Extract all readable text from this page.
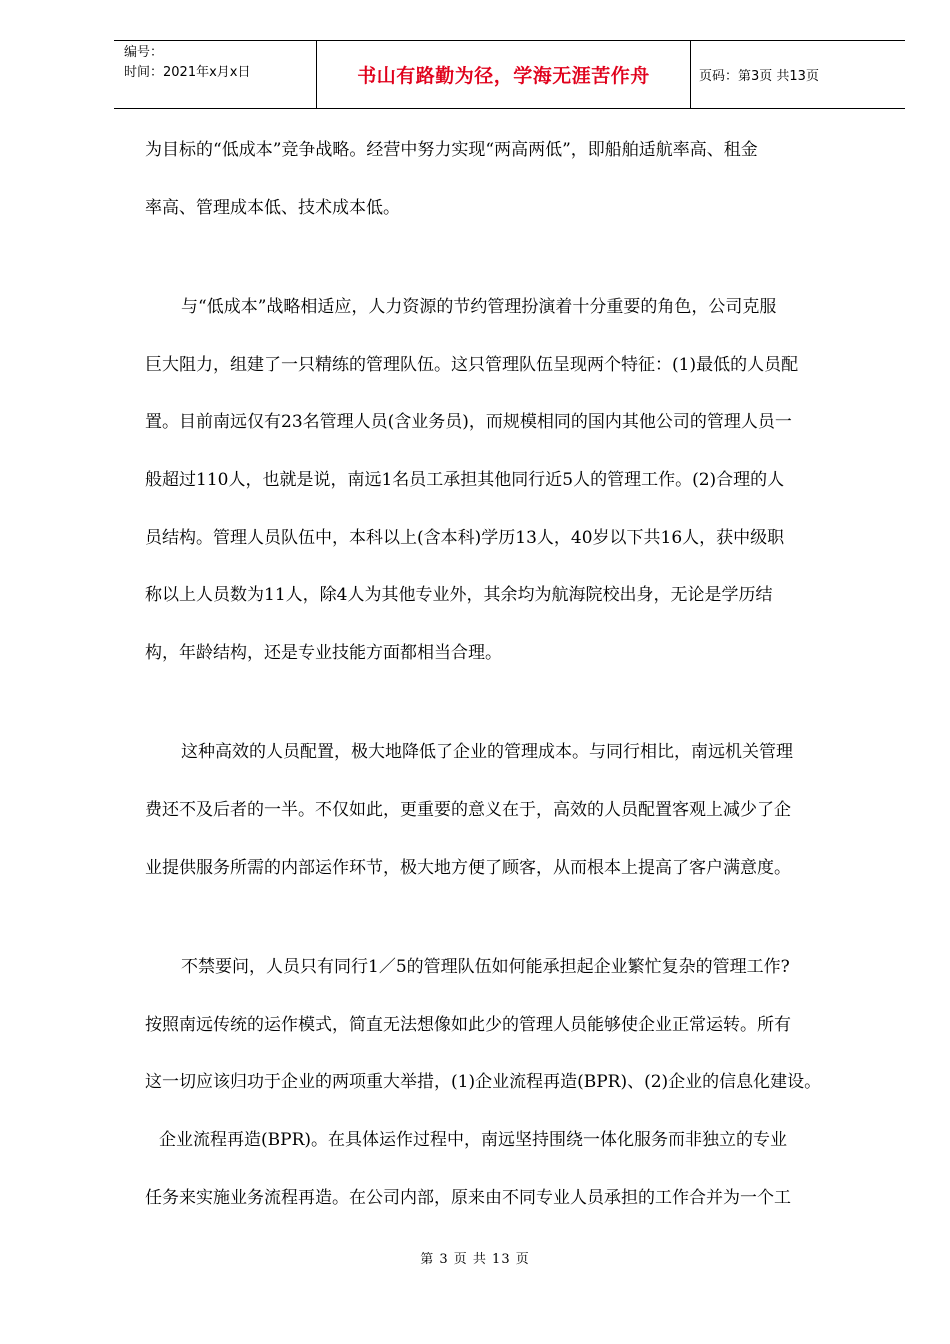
编号：
时间：2021年x月x日	书山有路勤为径，学海无涯苦作舟	页码：第3页 共13页
为目标的“低成本”竞争战略。经营中努力实现“两高两低”，即船舶适航率高、租金
率高、管理成本低、技术成本低。
与“低成本”战略相适应，人力资源的节约管理扮演着十分重要的角色，公司克服
巨大阻力，组建了一只精练的管理队伍。这只管理队伍呈现两个特征：(1)最低的人员配
置。目前南远仅有23名管理人员(含业务员)，而规模相同的国内其他公司的管理人员一
般超过110人，也就是说，南远1名员工承担其他同行近5人的管理工作。(2)合理的人
员结构。管理人员队伍中，本科以上(含本科)学历13人，40岁以下共16人，获中级职
称以上人员数为11人，除4人为其他专业外，其余均为航海院校出身，无论是学历结
构，年龄结构，还是专业技能方面都相当合理。
这种高效的人员配置，极大地降低了企业的管理成本。与同行相比，南远机关管理
费还不及后者的一半。不仅如此，更重要的意义在于，高效的人员配置客观上减少了企
业提供服务所需的内部运作环节，极大地方便了顾客，从而根本上提高了客户满意度。
不禁要问，人员只有同行1／5的管理队伍如何能承担起企业繁忙复杂的管理工作?
按照南远传统的运作模式，简直无法想像如此少的管理人员能够使企业正常运转。所有
这一切应该归功于企业的两项重大举措，(1)企业流程再造(BPR)、(2)企业的信息化建设。
企业流程再造(BPR)。在具体运作过程中，南远坚持围绕一体化服务而非独立的专业
任务来实施业务流程再造。在公司内部，原来由不同专业人员承担的工作合并为一个工
第 3 页 共 13 页
